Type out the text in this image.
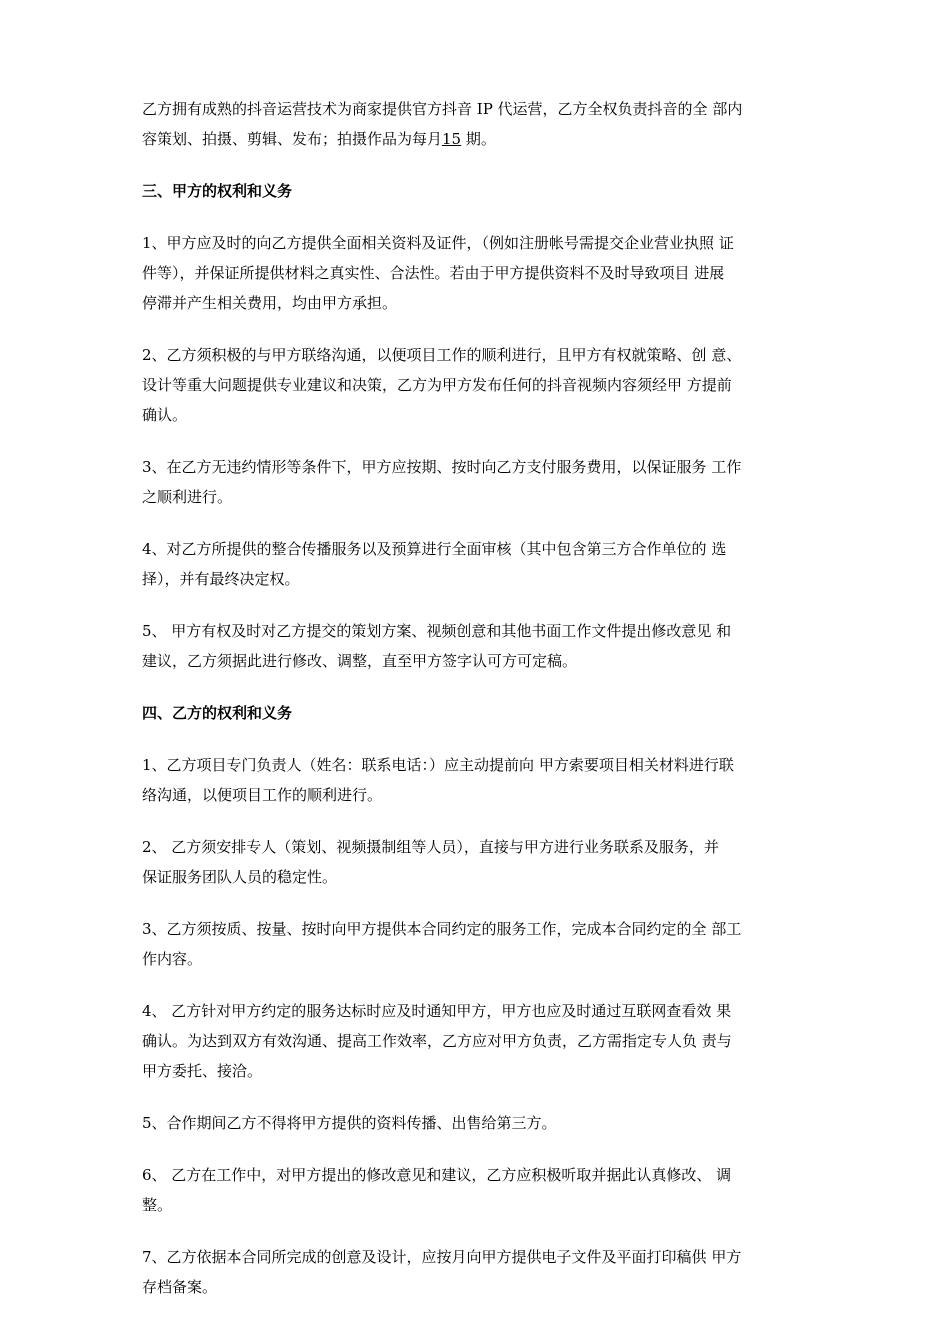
乙方拥有成熟的抖音运营技术为商家提供官方抖音 IP 代运营，乙方全权负责抖音的全 部内
容策划、拍摄、剪辑、发布；拍摄作品为每月15 期。

三、甲方的权利和义务

1、甲方应及时的向乙方提供全面相关资料及证件，（例如注册帐号需提交企业营业执照 证
件等），并保证所提供材料之真实性、合法性。若由于甲方提供资料不及时导致项目 进展
停滞并产生相关费用，均由甲方承担。

2、乙方须积极的与甲方联络沟通，以便项目工作的顺利进行，且甲方有权就策略、创 意、
设计等重大问题提供专业建议和决策，乙方为甲方发布任何的抖音视频内容须经甲 方提前
确认。

3、在乙方无违约情形等条件下，甲方应按期、按时向乙方支付服务费用，以保证服务 工作
之顺利进行。

4、对乙方所提供的整合传播服务以及预算进行全面审核（其中包含第三方合作单位的 选
择），并有最终决定权。

5、 甲方有权及时对乙方提交的策划方案、视频创意和其他书面工作文件提出修改意见 和
建议，乙方须据此进行修改、调整，直至甲方签字认可方可定稿。

四、乙方的权利和义务

1、乙方项目专门负责人（姓名：联系电话：）应主动提前向 甲方索要项目相关材料进行联
络沟通，以便项目工作的顺利进行。

2、 乙方须安排专人（策划、视频摄制组等人员），直接与甲方进行业务联系及服务，并
保证服务团队人员的稳定性。

3、乙方须按质、按量、按时向甲方提供本合同约定的服务工作，完成本合同约定的全 部工
作内容。

4、 乙方针对甲方约定的服务达标时应及时通知甲方，甲方也应及时通过互联网查看效 果
确认。为达到双方有效沟通、提高工作效率，乙方应对甲方负责，乙方需指定专人负 责与
甲方委托、接洽。

5、合作期间乙方不得将甲方提供的资料传播、出售给第三方。

6、 乙方在工作中，对甲方提出的修改意见和建议，乙方应积极听取并据此认真修改、 调
整。

7、乙方依据本合同所完成的创意及设计，应按月向甲方提供电子文件及平面打印稿供 甲方
存档备案。
